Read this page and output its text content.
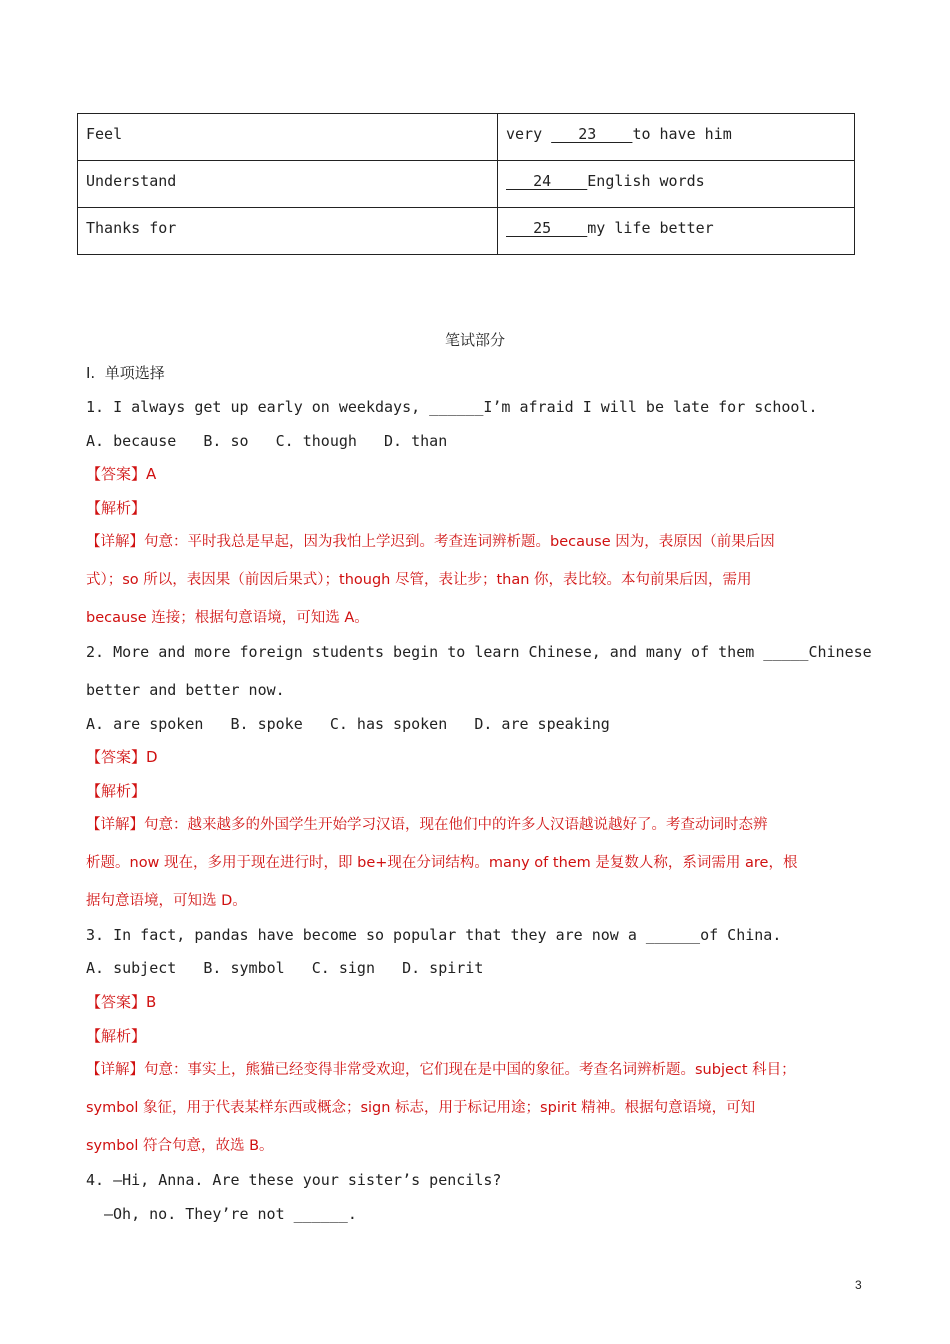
Feel	very    23    to have him
Understand	24    English words
Thanks for	25    my life better
笔试部分
I.  单项选择
1. I always get up early on weekdays, ______I’m afraid I will be late for school.
A. because   B. so   C. though   D. than
【答案】A
【解析】
【详解】句意：平时我总是早起，因为我怕上学迟到。考查连词辨析题。because 因为，表原因（前果后因
式）；so 所以，表因果（前因后果式）；though 尽管，表让步；than 你，表比较。本句前果后因，需用
because 连接；根据句意语境，可知选 A。
2. More and more foreign students begin to learn Chinese, and many of them _____Chinese
better and better now.
A. are spoken   B. spoke   C. has spoken   D. are speaking
【答案】D
【解析】
【详解】句意：越来越多的外国学生开始学习汉语，现在他们中的许多人汉语越说越好了。考查动词时态辨
析题。now 现在，多用于现在进行时，即 be+现在分词结构。many of them 是复数人称，系词需用 are，根
据句意语境，可知选 D。
3. In fact, pandas have become so popular that they are now a ______of China.
A. subject   B. symbol   C. sign   D. spirit
【答案】B
【解析】
【详解】句意：事实上，熊猫已经变得非常受欢迎，它们现在是中国的象征。考查名词辨析题。subject 科目；
symbol 象征，用于代表某样东西或概念；sign 标志，用于标记用途；spirit 精神。根据句意语境，可知
symbol 符合句意，故选 B。
4. —Hi, Anna. Are these your sister’s pencils?
—Oh, no. They’re not ______.
3
